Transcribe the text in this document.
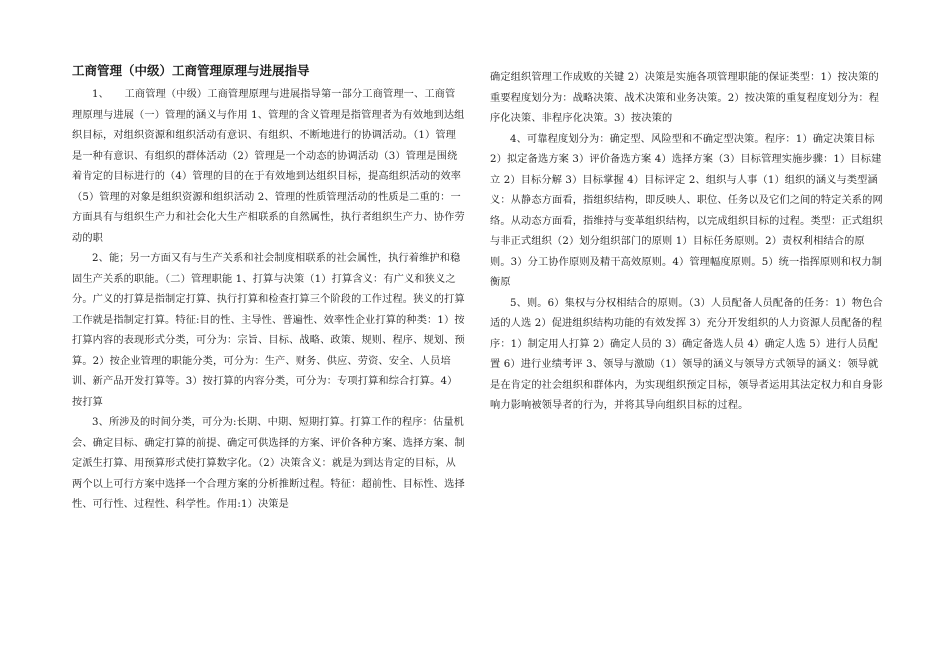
工商管理（中级）工商管理原理与进展指导

1、　　工商管理（中级）工商管理原理与进展指导第一部分工商管理一、工商管理原理与进展（一）管理的涵义与作用 1、管理的含义管理是指管理者为有效地到达组织目标，对组织资源和组织活动有意识、有组织、不断地进行的协调活动。（1）管理是一种有意识、有组织的群体活动（2）管理是一个动态的协调活动（3）管理是围绕着肯定的目标进行的（4）管理的目的在于有效地到达组织目标，提高组织活动的效率（5）管理的对象是组织资源和组织活动 2、管理的性质管理活动的性质是二重的：一方面具有与组织生产力和社会化大生产相联系的自然属性，执行者组织生产力、协作劳动的职

2、能；另一方面又有与生产关系和社会制度相联系的社会属性，执行着维护和稳固生产关系的职能。（二）管理职能 1、打算与决策（1）打算含义：有广义和狭义之分。广义的打算是指制定打算、执行打算和检查打算三个阶段的工作过程。狭义的打算工作就是指制定打算。特征:目的性、主导性、普遍性、效率性企业打算的种类：1）按打算内容的表现形式分类，可分为：宗旨、目标、战略、政策、规则、程序、规划、预算。2）按企业管理的职能分类，可分为：生产、财务、供应、劳资、安全、人员培训、新产品开发打算等。3）按打算的内容分类，可分为：专项打算和综合打算。4）按打算

3、所涉及的时间分类，可分为:长期、中期、短期打算。打算工作的程序：估量机会、确定目标、确定打算的前提、确定可供选择的方案、评价各种方案、选择方案、制定派生打算、用预算形式使打算数字化。（2）决策含义：就是为到达肯定的目标，从两个以上可行方案中选择一个合理方案的分析推断过程。特征：超前性、目标性、选择性、可行性、过程性、科学性。作用:1）决策是

确定组织管理工作成败的关键 2）决策是实施各项管理职能的保证类型：1）按决策的重要程度划分为：战略决策、战术决策和业务决策。2）按决策的重复程度划分为：程序化决策、非程序化决策。3）按决策的

4、可靠程度划分为：确定型、风险型和不确定型决策。程序：1）确定决策目标 2）拟定备选方案 3）评价备选方案 4）选择方案（3）目标管理实施步骤：1）目标建立 2）目标分解 3）目标掌握 4）目标评定 2、组织与人事（1）组织的涵义与类型涵义：从静态方面看，指组织结构，即反映人、职位、任务以及它们之间的特定关系的网络。从动态方面看，指维持与变革组织结构，以完成组织目标的过程。类型：正式组织与非正式组织（2）划分组织部门的原则 1）目标任务原则。2）责权利相结合的原则。3）分工协作原则及精干高效原则。4）管理幅度原则。5）统一指挥原则和权力制衡原

5、则。6）集权与分权相结合的原则。（3）人员配备人员配备的任务：1）物色合适的人选 2）促进组织结构功能的有效发挥 3）充分开发组织的人力资源人员配备的程序：1）制定用人打算 2）确定人员的 3）确定备选人员 4）确定人选 5）进行人员配置 6）进行业绩考评 3、领导与激励（1）领导的涵义与领导方式领导的涵义：领导就是在肯定的社会组织和群体内，为实现组织预定目标，领导者运用其法定权力和自身影响力影响被领导者的行为，并将其导向组织目标的过程。
